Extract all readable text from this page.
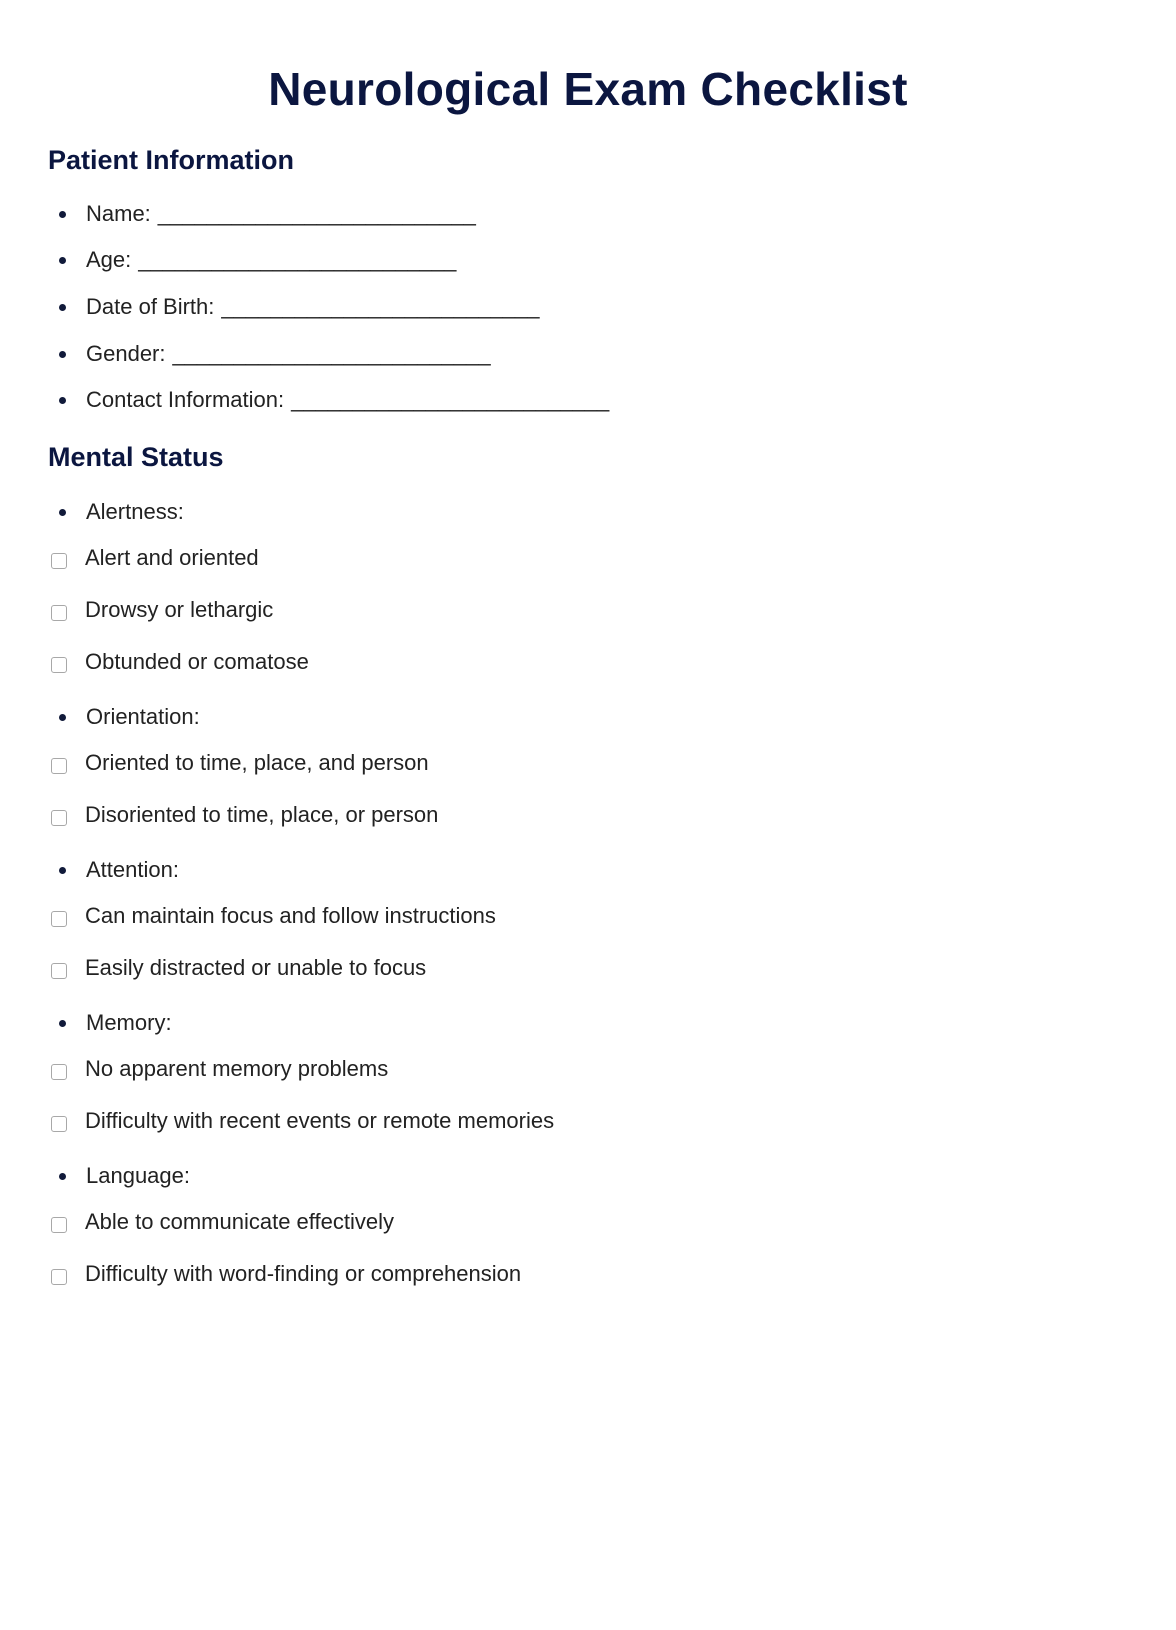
Neurological Exam Checklist
Patient Information
Name: __________________________
Age: __________________________
Date of Birth: __________________________
Gender: __________________________
Contact Information: __________________________
Mental Status
Alertness:
Alert and oriented
Drowsy or lethargic
Obtunded or comatose
Orientation:
Oriented to time, place, and person
Disoriented to time, place, or person
Attention:
Can maintain focus and follow instructions
Easily distracted or unable to focus
Memory:
No apparent memory problems
Difficulty with recent events or remote memories
Language:
Able to communicate effectively
Difficulty with word-finding or comprehension
